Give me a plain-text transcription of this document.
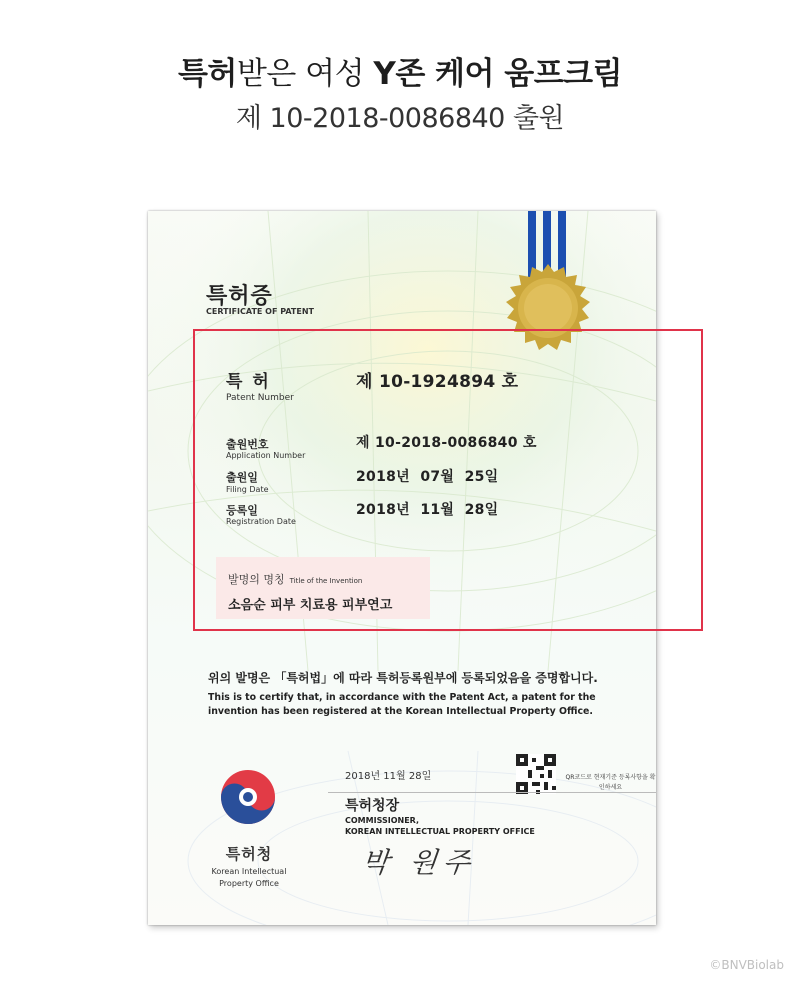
특허받은 여성 Y존 케어 움프크림
제 10-2018-0086840 출원
특허증
CERTIFICATE OF PATENT
특 허
Patent Number
제 10-1924894 호
출원번호
Application Number
제 10-2018-0086840 호
출원일
Filing Date
2018년  07월  25일
등록일
Registration Date
2018년  11월  28일
발명의 명칭 Title of the Invention
소음순 피부 치료용 피부연고
위의 발명은 「특허법」에 따라 특허등록원부에 등록되었음을 증명합니다.
This is to certify that, in accordance with the Patent Act, a patent for the invention has been registered at the Korean Intellectual Property Office.
특허청
Korean Intellectual
Property Office
2018년 11월 28일	QR코드로 현재기준 등록사항을 확인하세요
특허청장
COMMISSIONER,
KOREAN INTELLECTUAL PROPERTY OFFICE
박 원주
©BNVBiolab
